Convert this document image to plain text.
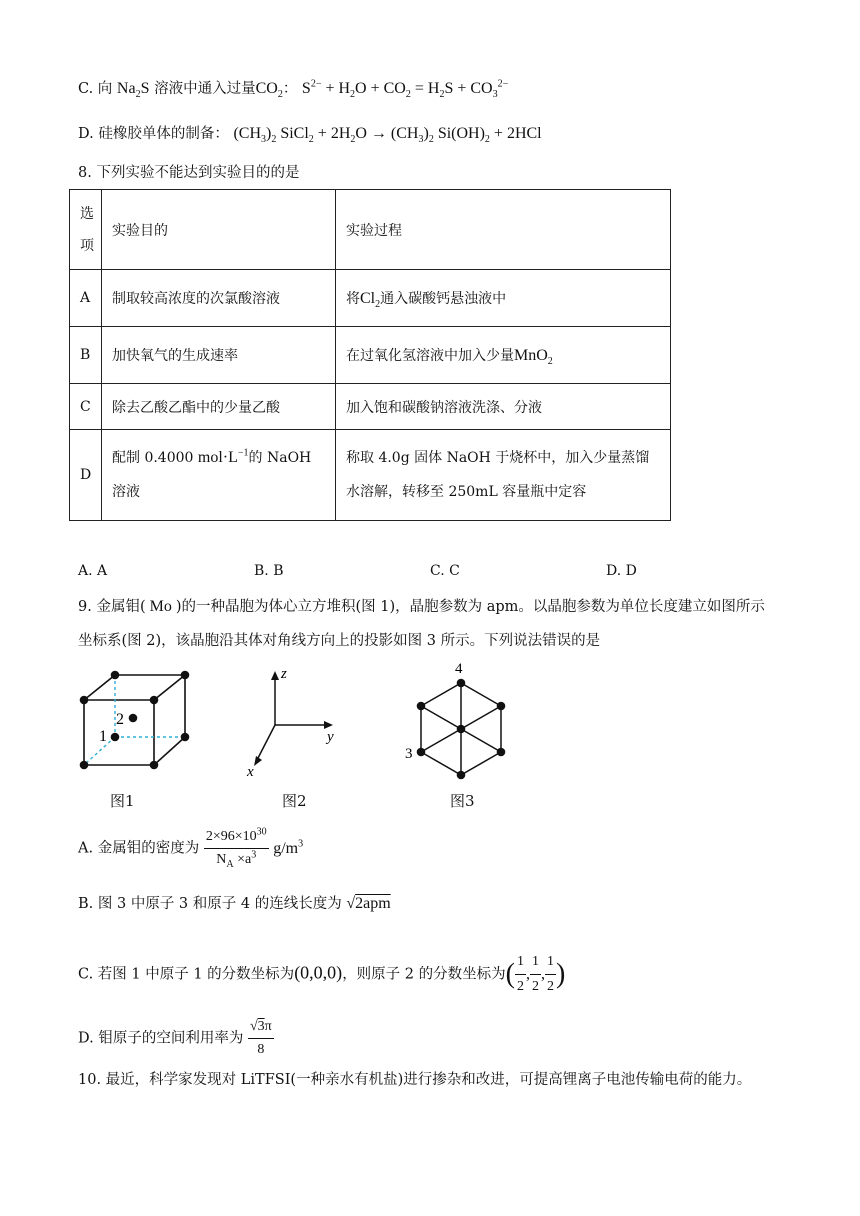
C. 向 $Na_2S$ 溶液中通入过量$CO_2$： $S^{2-} + H_2O + CO_2 = H_2S + CO_3^{2-}$
D. 硅橡胶单体的制备： $(CH_3)_2$ SiCl$_2$ + $2H_2O \to (CH_3)_2$ $Si(OH)_2 + 2HCl$
8. 下列实验不能达到实验目的的是
选
项	实验目的	实验过程
A	制取较高浓度的次氯酸溶液	将$Cl_2$通入碳酸钙悬浊液中
B	加快氧气的生成速率	在过氧化氢溶液中加入少量MnO$_2$
C	除去乙酸乙酯中的少量乙酸	加入饱和碳酸钠溶液洗涤、分液
D	配制 0.4000 $mol\cdot L^{-1}$的 NaOH 溶液	称取 4.0g 固体 NaOH 于烧杯中，加入少量蒸馏水溶解，转移至 250mL 容量瓶中定容
A. A	B. B	C. C	D. D
9. 金属钼( Mo )的一种晶胞为体心立方堆积(图 1)，晶胞参数为 apm。以晶胞参数为单位长度建立如图所示
坐标系(图 2)，该晶胞沿其体对角线方向上的投影如图 3 所示。下列说法错误的是
1
2
图1
z
y
x
图2
4
3
图3
A. 金属钼的密度为 $\frac{2\times 96\times 10^{30}}{N_A \times a^3} g/m^3$
B. 图 3 中原子 3 和原子 4 的连线长度为 √2apm
C. 若图 1 中原子 1 的分数坐标为(0,0,0)，则原子 2 的分数坐标为( $\frac{1}{2}$ , $\frac{1}{2}$ , $\frac{1}{2}$ )
D. 钼原子的空间利用率为 $\frac{√3\pi}{8}$
10. 最近，科学家发现对 LiTFSI(一种亲水有机盐)进行掺杂和改进，可提高锂离子电池传输电荷的能力。
